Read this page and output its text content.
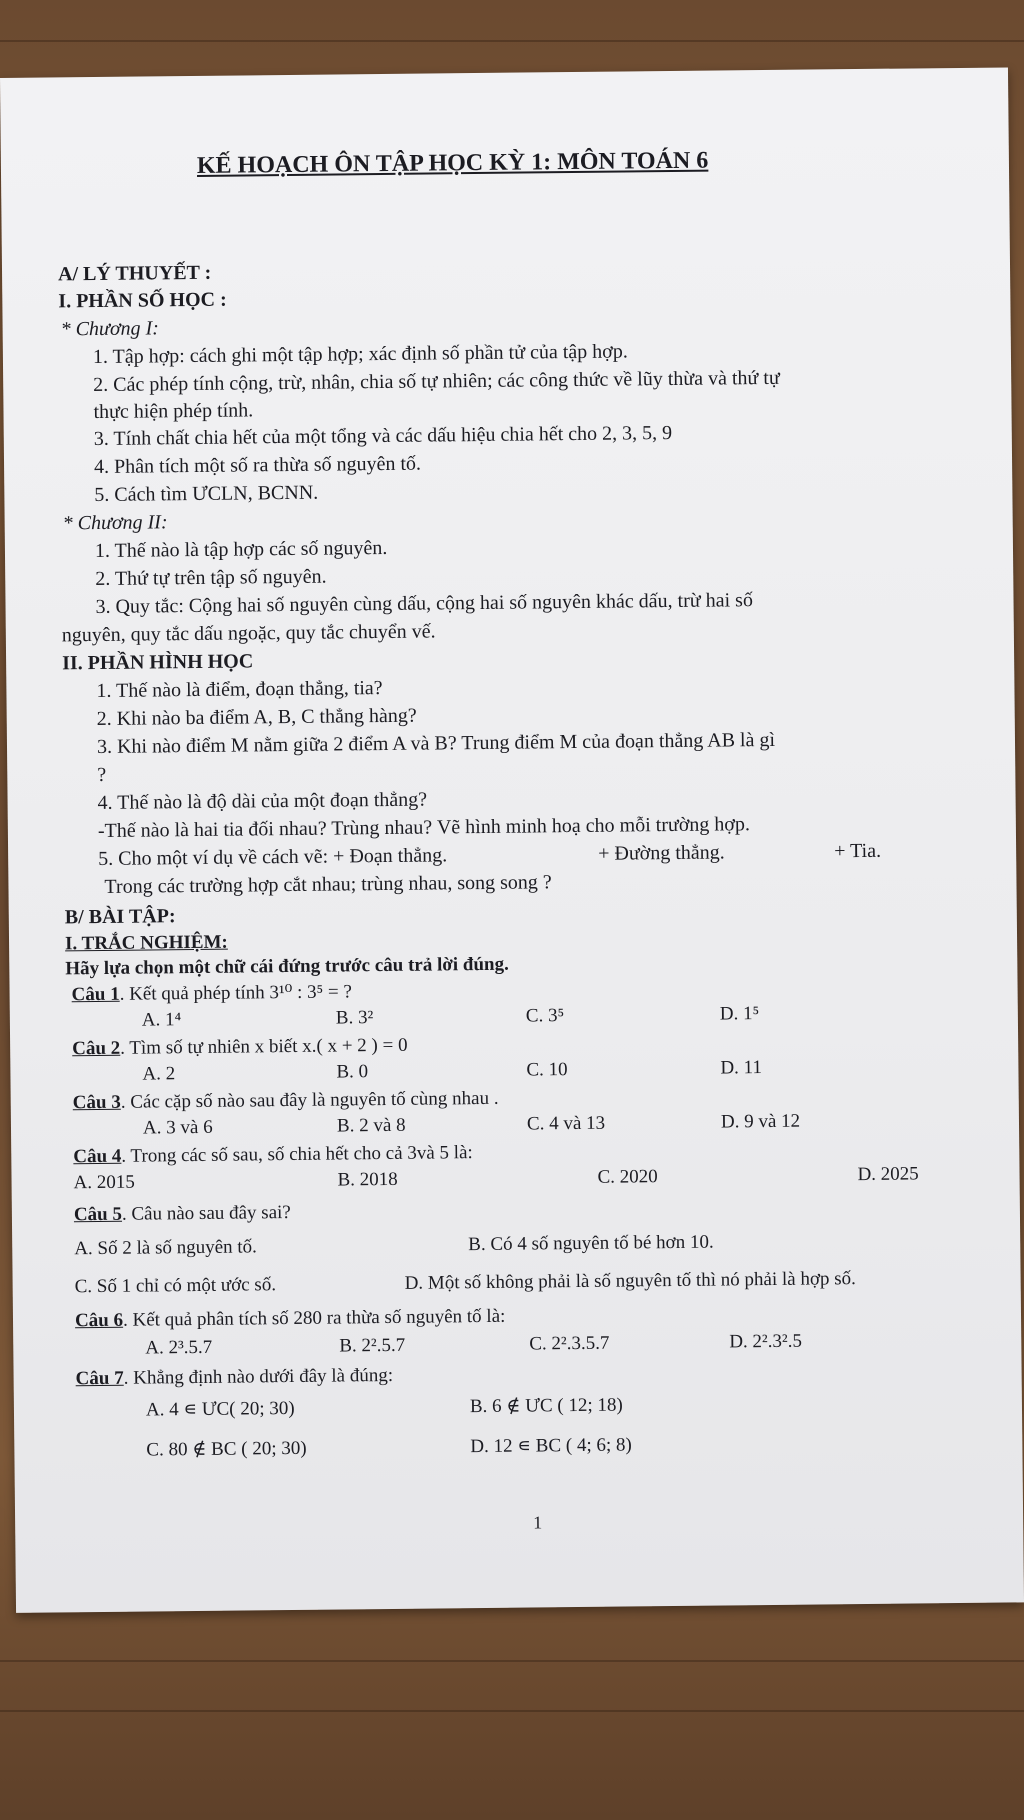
KẾ HOẠCH ÔN TẬP HỌC KỲ 1: MÔN TOÁN 6
A/ LÝ THUYẾT :
I. PHẦN SỐ HỌC :
* Chương I:
1. Tập hợp: cách ghi một tập hợp; xác định số phần tử của tập hợp.
2. Các phép tính cộng, trừ, nhân, chia số tự nhiên; các công thức về lũy thừa và thứ tự
thực hiện phép tính.
3. Tính chất chia hết của một tổng và các dấu hiệu chia hết cho 2, 3, 5, 9
4. Phân tích một số ra thừa số nguyên tố.
5. Cách tìm ƯCLN, BCNN.
* Chương II:
1. Thế nào là tập hợp các số nguyên.
2. Thứ tự trên tập số nguyên.
3. Quy tắc: Cộng hai số nguyên cùng dấu, cộng hai số nguyên khác dấu, trừ hai số
nguyên, quy tắc dấu ngoặc, quy tắc chuyển vế.
II. PHẦN HÌNH HỌC
1. Thế nào là điểm, đoạn thẳng, tia?
2. Khi nào ba điểm A, B, C thẳng hàng?
3. Khi nào điểm M nằm giữa 2 điểm A và B? Trung điểm M của đoạn thẳng AB là gì
?
4. Thế nào là độ dài của một đoạn thẳng?
-Thế nào là hai tia đối nhau? Trùng nhau? Vẽ hình minh hoạ cho mỗi trường hợp.
5. Cho một ví dụ về cách vẽ: + Đoạn thẳng.	+ Đường thẳng.	+ Tia.
Trong các trường hợp cắt nhau; trùng nhau, song song ?
B/ BÀI TẬP:
I. TRẮC NGHIỆM:
Hãy lựa chọn một chữ cái đứng trước câu trả lời đúng.
Câu 1. Kết quả phép tính 3¹⁰ : 3⁵ = ?
A. 1⁴	B. 3²	C. 3⁵	D. 1⁵
Câu 2. Tìm số tự nhiên x biết x.( x + 2 ) = 0
A. 2	B. 0	C. 10	D. 11
Câu 3. Các cặp số nào sau đây là nguyên tố cùng nhau .
A. 3 và 6	B. 2 và 8	C. 4 và 13	D. 9 và 12
Câu 4. Trong các số sau, số chia hết cho cả 3và 5 là:
A. 2015	B. 2018	C. 2020	D. 2025
Câu 5. Câu nào sau đây sai?
A. Số 2 là số nguyên tố.	B. Có 4 số nguyên tố bé hơn 10.
C. Số 1 chỉ có một ước số.	D. Một số không phải là số nguyên tố thì nó phải là hợp số.
Câu 6. Kết quả phân tích số 280 ra thừa số nguyên tố là:
A. 2³.5.7	B. 2².5.7	C. 2².3.5.7	D. 2².3².5
Câu 7. Khẳng định nào dưới đây là đúng:
A. 4 ∊ ƯC( 20; 30)	B. 6 ∉ ƯC ( 12; 18)
C. 80 ∉ BC ( 20; 30)	D. 12 ∊ BC ( 4; 6; 8)
1
